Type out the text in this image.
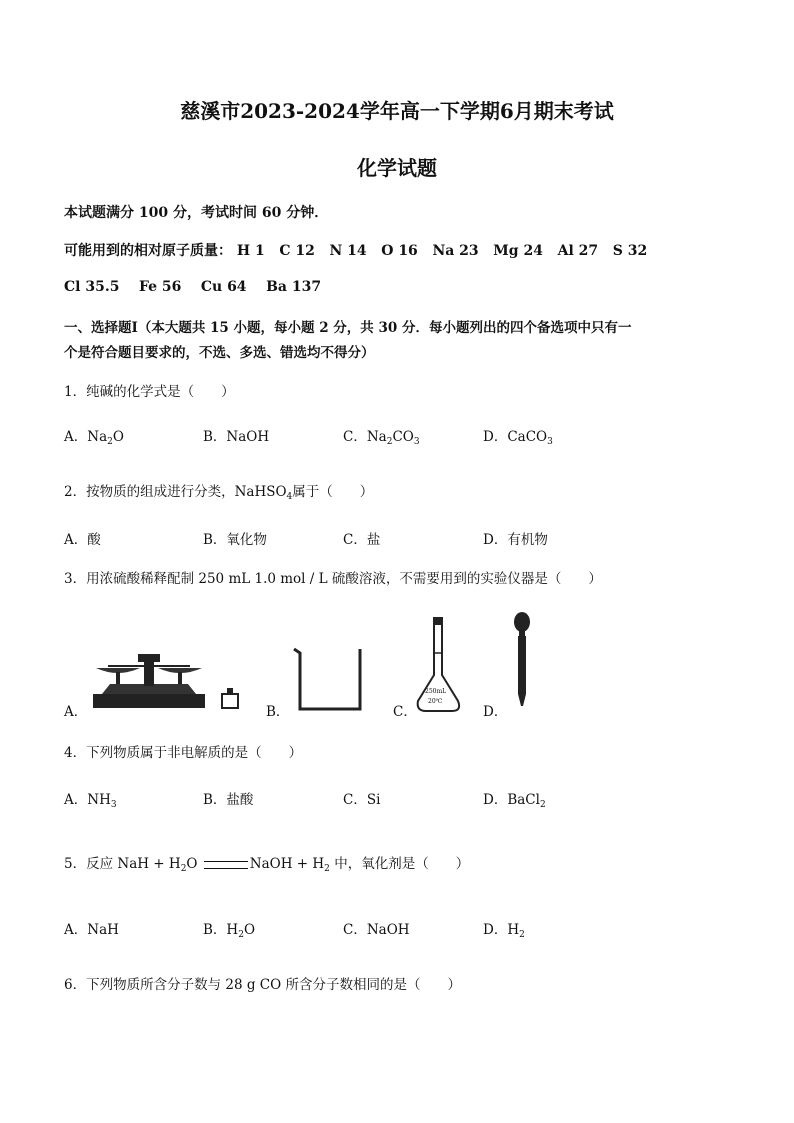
慈溪市2023-2024学年高一下学期6月期末考试
化学试题
本试题满分 100 分，考试时间 60 分钟．
可能用到的相对原子质量： H 1 C 12 N 14 O 16 Na 23 Mg 24 Al 27 S 32
Cl 35.5 Fe 56 Cu 64 Ba 137
一、选择题Ⅰ（本大题共 15 小题，每小题 2 分，共 30 分．每小题列出的四个备选项中只有一
个是符合题目要求的，不选、多选、错选均不得分）
1．纯碱的化学式是（　　）
A．$Na_2O$	B．NaOH	C．$Na_2CO_3$	D．CaCO$_3$
2．按物质的组成进行分类，NaHSO$_4$属于（　　）
A．酸	B．氧化物	C．盐	D．有机物
3．用浓硫酸稀释配制 250 mL 1.0 mol / L 硫酸溶液，不需要用到的实验仪器是（　　）
A．	B．	C．	D．
250mL
20℃
4．下列物质属于非电解质的是（　　）
A．$NH_3$	B．盐酸	C．Si	D．BaCl$_2$
5．反应 NaH + $H_2O$	NaOH + $H_2$ 中，氧化剂是（　　）
A．NaH	B．$H_2O$	C．NaOH	D．$H_2$
6．下列物质所含分子数与 28 g CO 所含分子数相同的是（　　）
